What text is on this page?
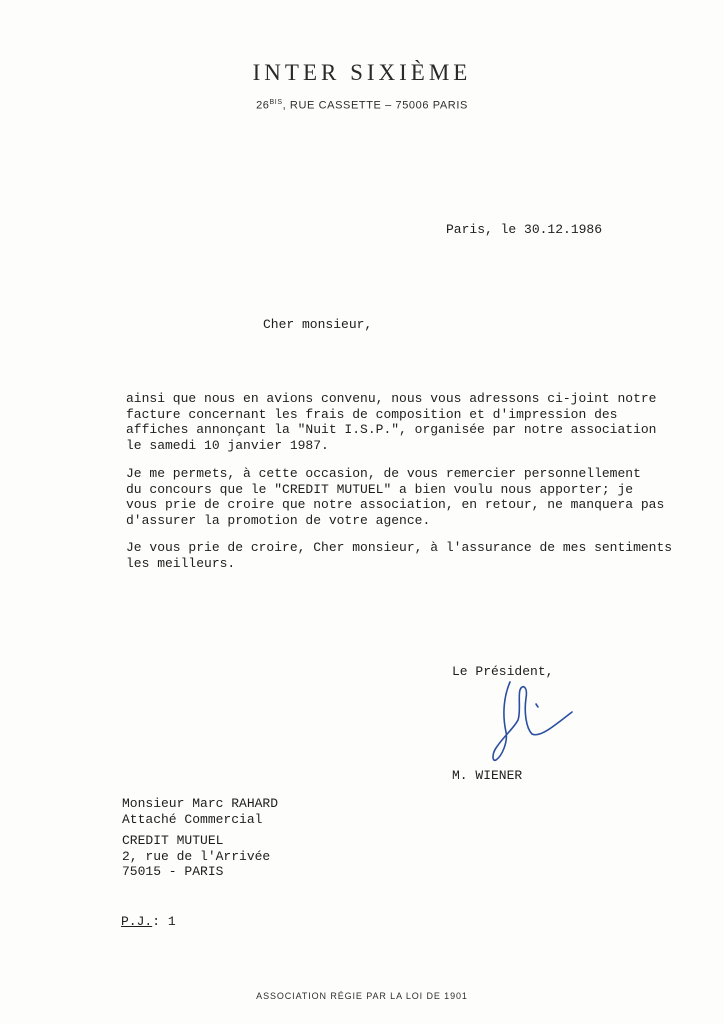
INTER SIXIÈME
$26^{BIS}$, RUE CASSETTE – 75006 PARIS
Paris, le 30.12.1986
Cher monsieur,
ainsi que nous en avions convenu, nous vous adressons ci-joint notre
facture concernant les frais de composition et d'impression des
affiches annonçant la "Nuit I.S.P.", organisée par notre association
le samedi 10 janvier 1987.
Je me permets, à cette occasion, de vous remercier personnellement
du concours que le "CREDIT MUTUEL" a bien voulu nous apporter; je
vous prie de croire que notre association, en retour, ne manquera pas
d'assurer la promotion de votre agence.
Je vous prie de croire, Cher monsieur, à l'assurance de mes sentiments
les meilleurs.
Le Président,
M. WIENER
Monsieur Marc RAHARD
Attaché Commercial
CREDIT MUTUEL
2, rue de l'Arrivée
75015 - PARIS
P.J.: 1
ASSOCIATION RÉGIE PAR LA LOI DE 1901
